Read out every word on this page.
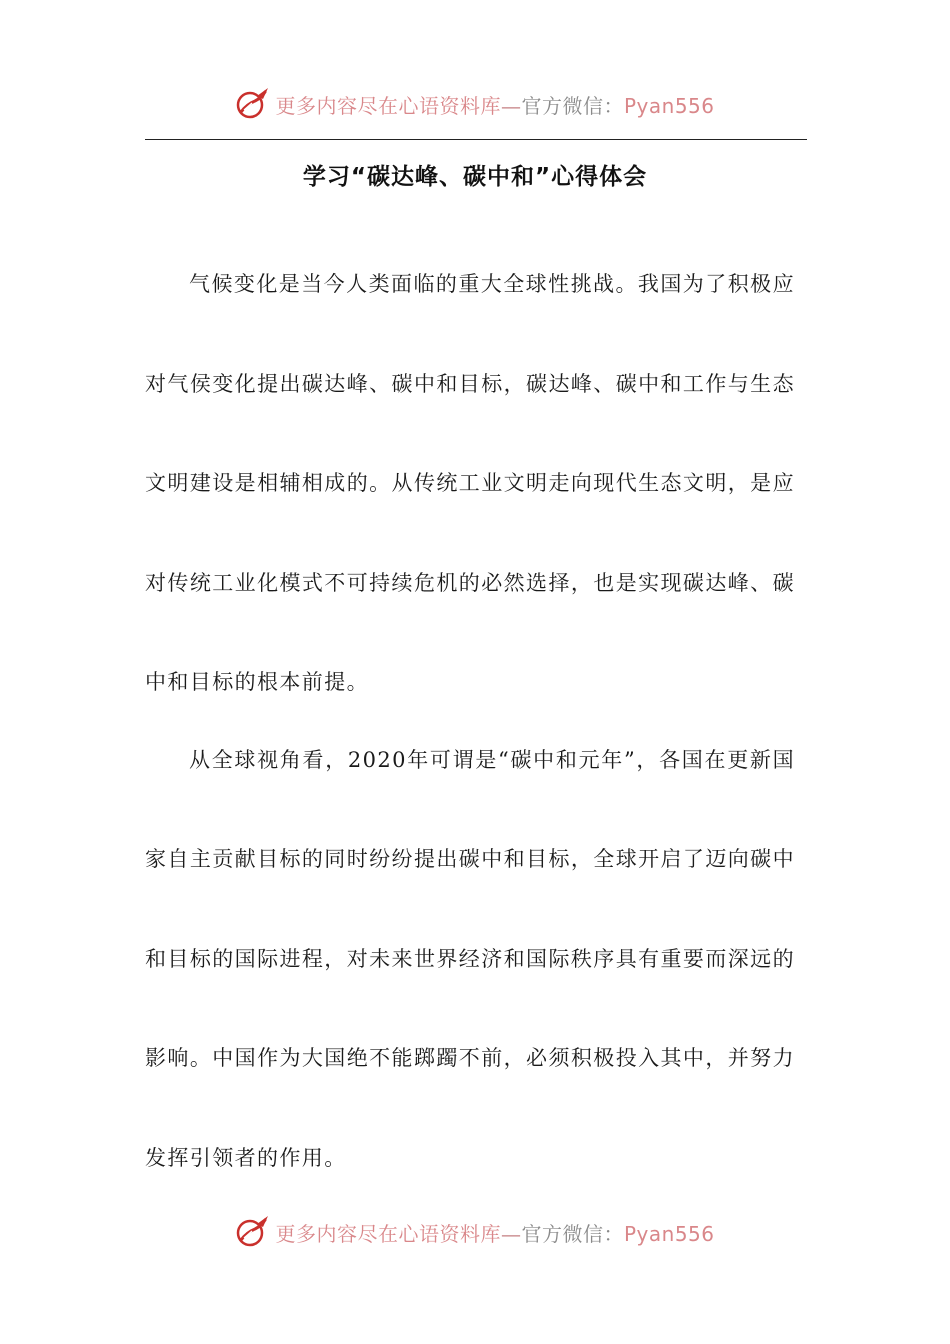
更多内容尽在心语资料库—官方微信：Pyan556
学习“碳达峰、碳中和”心得体会

气候变化是当今人类面临的重大全球性挑战。我国为了积极应对气侯变化提出碳达峰、碳中和目标，碳达峰、碳中和工作与生态文明建设是相辅相成的。从传统工业文明走向现代生态文明，是应对传统工业化模式不可持续危机的必然选择，也是实现碳达峰、碳中和目标的根本前提。

从全球视角看，2020年可谓是“碳中和元年”，各国在更新国家自主贡献目标的同时纷纷提出碳中和目标，全球开启了迈向碳中和目标的国际进程，对未来世界经济和国际秩序具有重要而深远的影响。中国作为大国绝不能踯躅不前，必须积极投入其中，并努力发挥引领者的作用。

更多内容尽在心语资料库—官方微信：Pyan556
